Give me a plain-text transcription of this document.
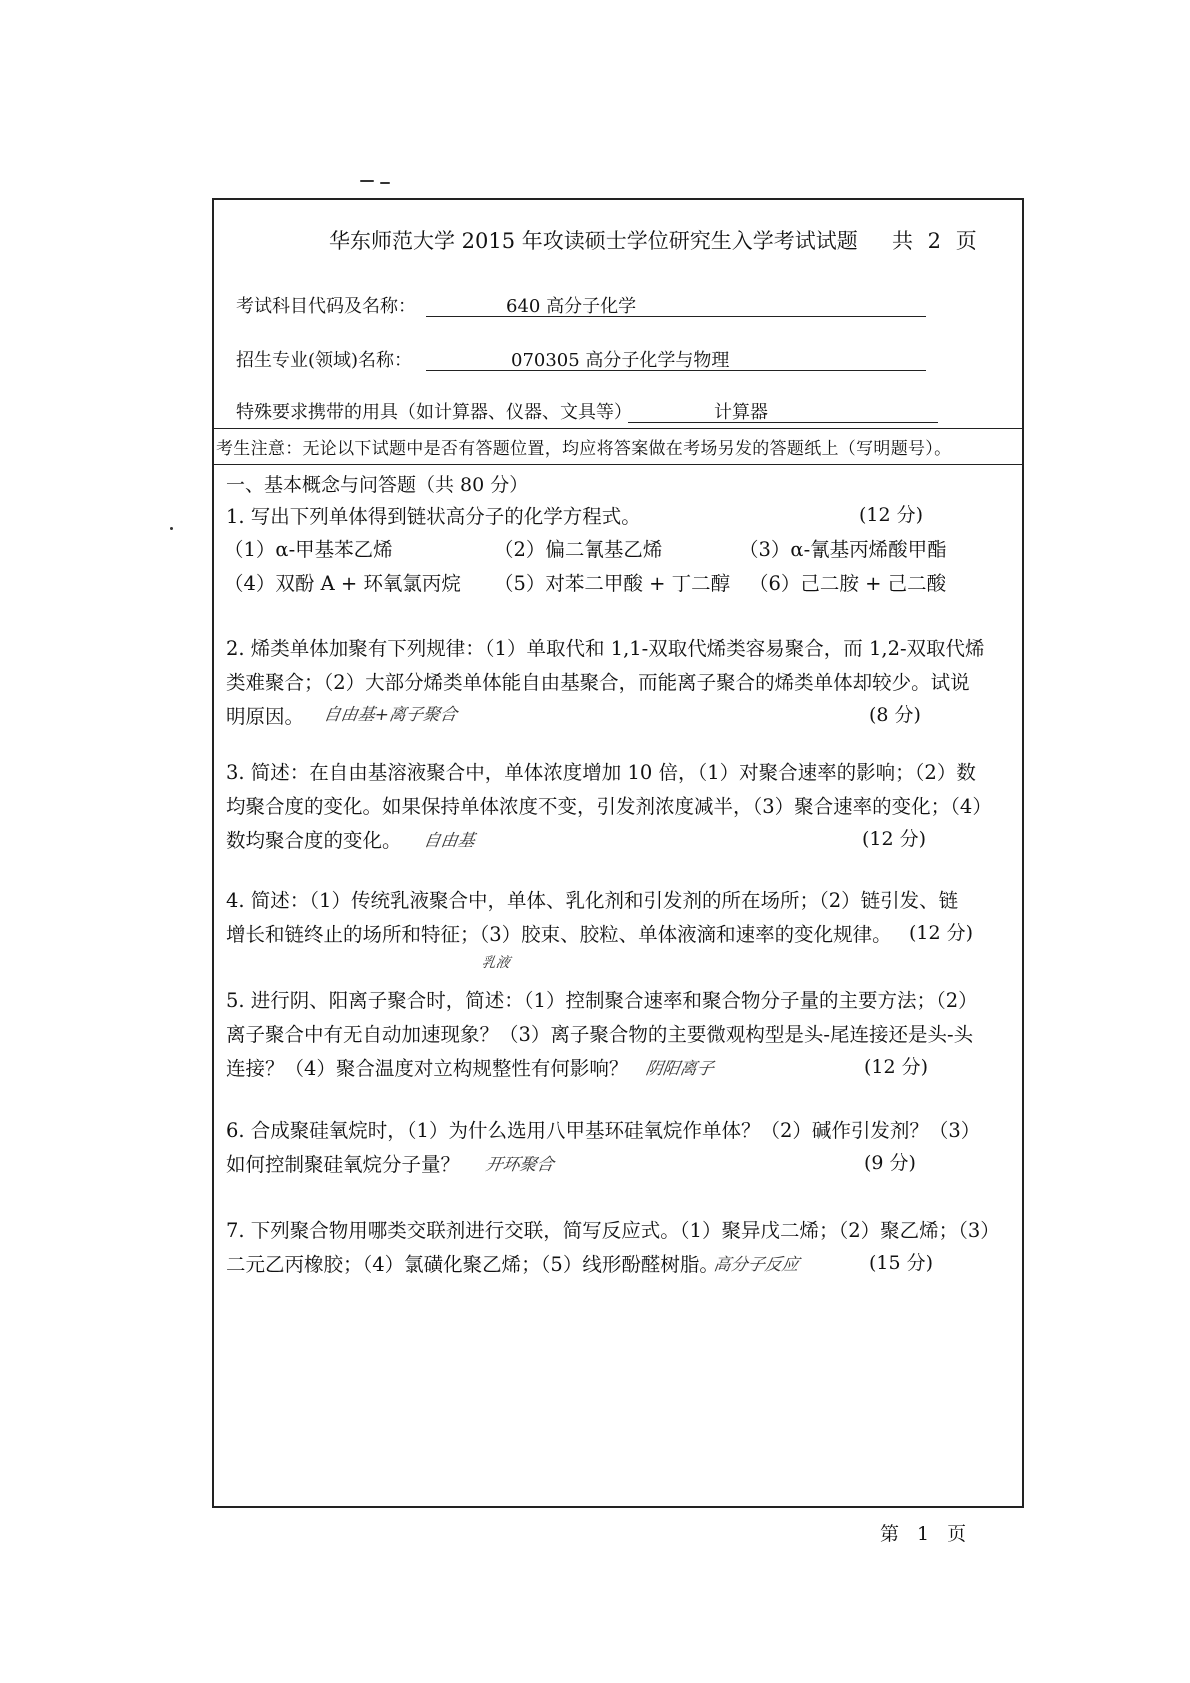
华东师范大学 2015 年攻读硕士学位研究生入学考试试题 共 2 页
考试科目代码及名称：	640 高分子化学
招生专业(领域)名称：	070305 高分子化学与物理
特殊要求携带的用具（如计算器、仪器、文具等）	计算器
考生注意：无论以下试题中是否有答题位置，均应将答案做在考场另发的答题纸上（写明题号）。
一、基本概念与问答题（共 80 分）
1. 写出下列单体得到链状高分子的化学方程式。	(12 分)
（1）α-甲基苯乙烯	（2）偏二氰基乙烯	（3）α-氰基丙烯酸甲酯
（4）双酚 A + 环氧氯丙烷 （5）对苯二甲酸 + 丁二醇 （6）己二胺 + 己二酸
2. 烯类单体加聚有下列规律：（1）单取代和 1,1-双取代烯类容易聚合，而 1,2-双取代烯
类难聚合；（2）大部分烯类单体能自由基聚合，而能离子聚合的烯类单体却较少。试说
明原因。	自由基+离子聚合	(8 分)
3. 简述：在自由基溶液聚合中，单体浓度增加 10 倍，（1）对聚合速率的影响；（2）数
均聚合度的变化。如果保持单体浓度不变，引发剂浓度减半，（3）聚合速率的变化；（4）
数均聚合度的变化。	自由基	(12 分)
4. 简述：（1）传统乳液聚合中，单体、乳化剂和引发剂的所在场所；（2）链引发、链
增长和链终止的场所和特征；（3）胶束、胶粒、单体液滴和速率的变化规律。 (12 分)
乳液
5. 进行阴、阳离子聚合时，简述：（1）控制聚合速率和聚合物分子量的主要方法；（2）
离子聚合中有无自动加速现象？（3）离子聚合物的主要微观构型是头-尾连接还是头-头
连接？（4）聚合温度对立构规整性有何影响？ 阴阳离子	(12 分)
6. 合成聚硅氧烷时，（1）为什么选用八甲基环硅氧烷作单体？（2）碱作引发剂？（3）
如何控制聚硅氧烷分子量？	开环聚合	(9 分)
7. 下列聚合物用哪类交联剂进行交联，简写反应式。（1）聚异戊二烯；（2）聚乙烯；（3）
二元乙丙橡胶；（4）氯磺化聚乙烯；（5）线形酚醛树脂。
高分子反应	(15 分)
第 1 页
